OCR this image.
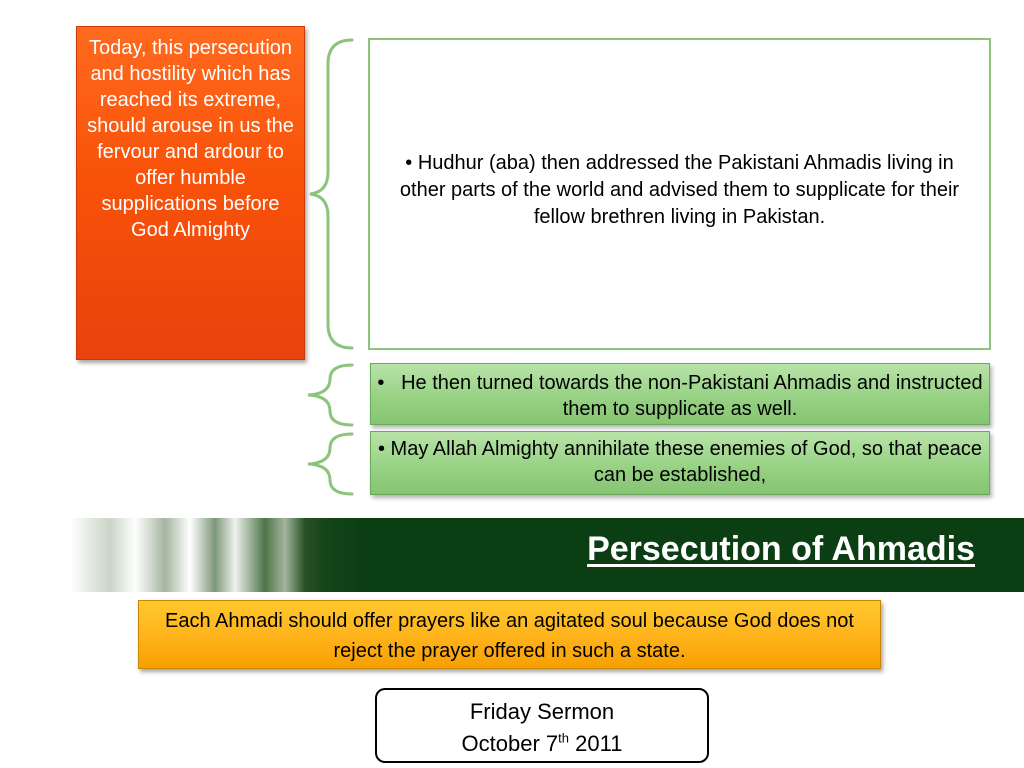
Today, this persecution and hostility which has reached its extreme, should arouse in us the fervour and ardour to offer humble supplications before God Almighty
• Hudhur (aba) then addressed the Pakistani Ahmadis living in other parts of the world and advised them to supplicate for their fellow brethren living in Pakistan.
• He then turned towards the non-Pakistani Ahmadis and instructed them to supplicate as well.
• May Allah Almighty annihilate these enemies of God, so that peace can be established,
Persecution of Ahmadis
Each Ahmadi should offer prayers like an agitated soul because God does not reject the prayer offered in such a state.
Friday Sermon
October 7th 2011
